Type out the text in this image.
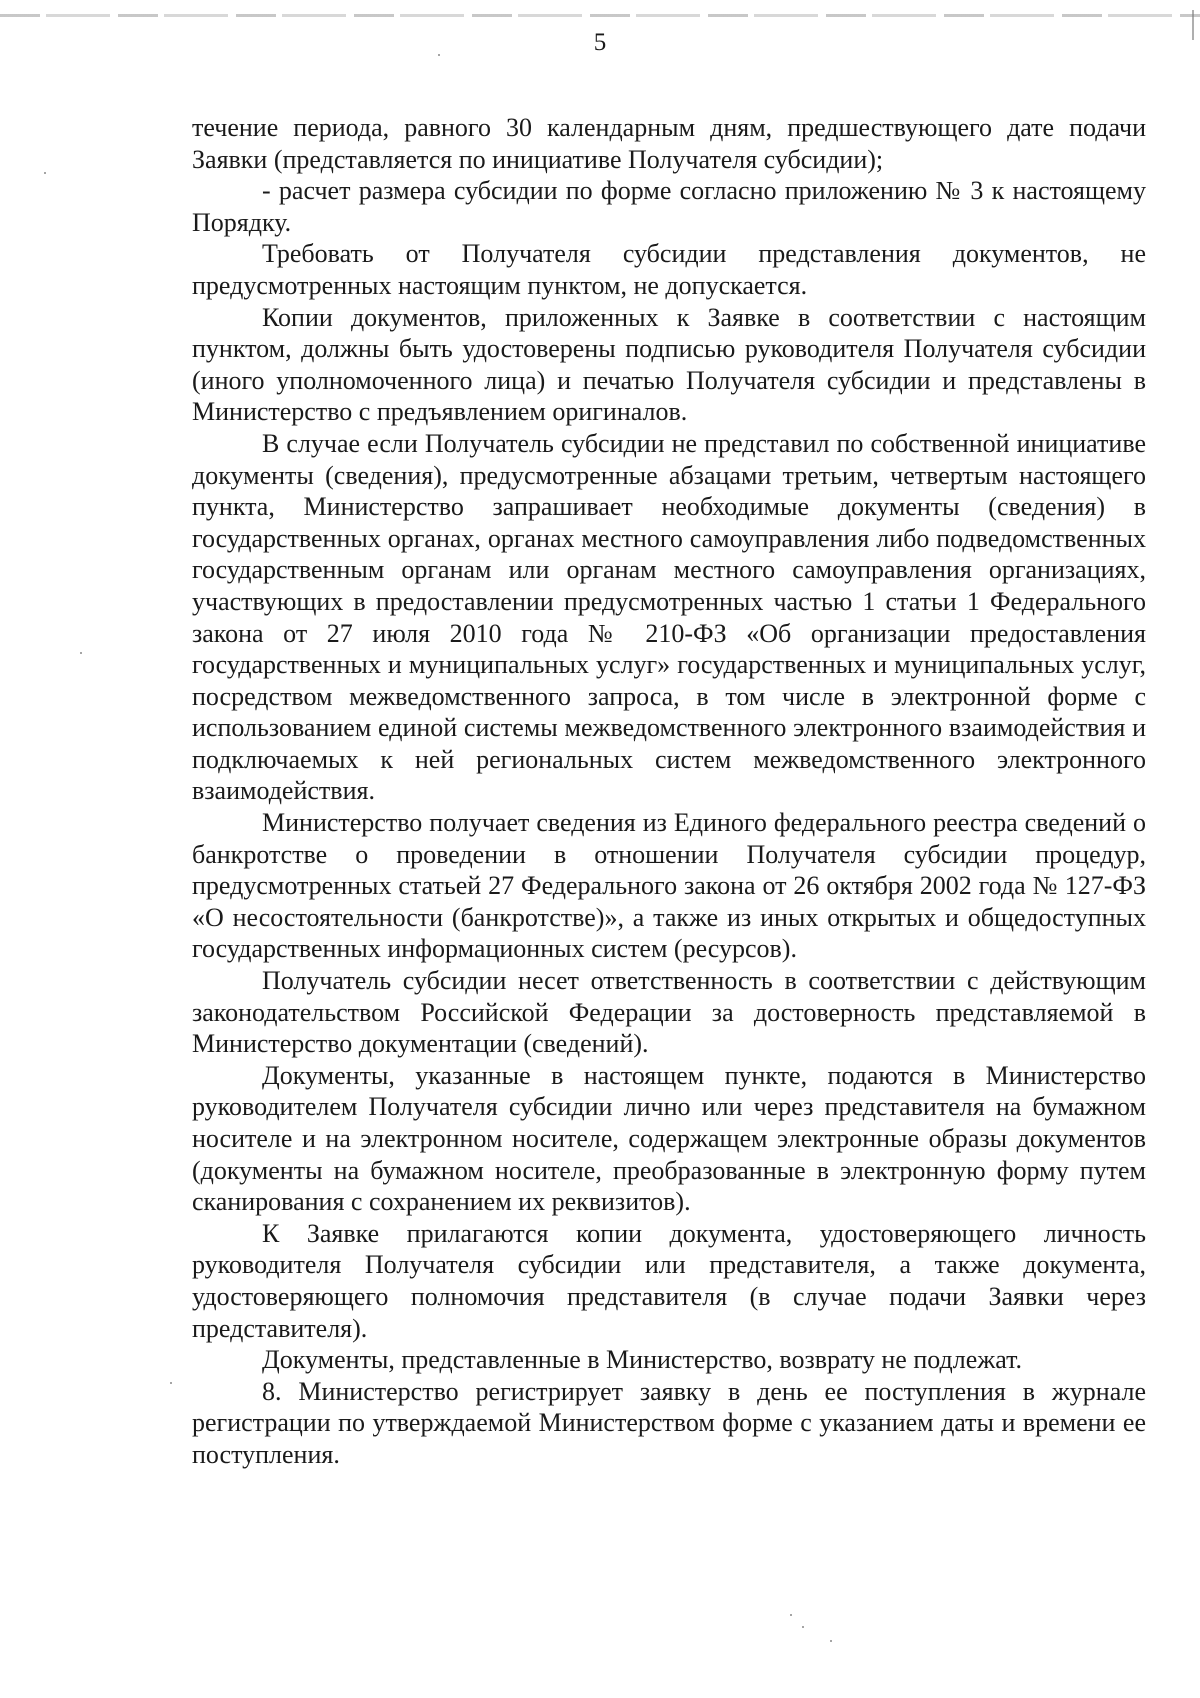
5

течение периода, равного 30 календарным дням, предшествующего дате подачи Заявки (представляется по инициативе Получателя субсидии);

- расчет размера субсидии по форме согласно приложению № 3 к настоящему Порядку.

Требовать от Получателя субсидии представления документов, не предусмотренных настоящим пунктом, не допускается.

Копии документов, приложенных к Заявке в соответствии с настоящим пунктом, должны быть удостоверены подписью руководителя Получателя субсидии (иного уполномоченного лица) и печатью Получателя субсидии и представлены в Министерство с предъявлением оригиналов.

В случае если Получатель субсидии не представил по собственной инициативе документы (сведения), предусмотренные абзацами третьим, четвертым настоящего пункта, Министерство запрашивает необходимые документы (сведения) в государственных органах, органах местного самоуправления либо подведомственных государственным органам или органам местного самоуправления организациях, участвующих в предоставлении предусмотренных частью 1 статьи 1 Федерального закона от 27 июля 2010 года № 210-ФЗ «Об организации предоставления государственных и муниципальных услуг» государственных и муниципальных услуг, посредством межведомственного запроса, в том числе в электронной форме с использованием единой системы межведомственного электронного взаимодействия и подключаемых к ней региональных систем межведомственного электронного взаимодействия.

Министерство получает сведения из Единого федерального реестра сведений о банкротстве о проведении в отношении Получателя субсидии процедур, предусмотренных статьей 27 Федерального закона от 26 октября 2002 года № 127-ФЗ «О несостоятельности (банкротстве)», а также из иных открытых и общедоступных государственных информационных систем (ресурсов).

Получатель субсидии несет ответственность в соответствии с действующим законодательством Российской Федерации за достоверность представляемой в Министерство документации (сведений).

Документы, указанные в настоящем пункте, подаются в Министерство руководителем Получателя субсидии лично или через представителя на бумажном носителе и на электронном носителе, содержащем электронные образы документов (документы на бумажном носителе, преобразованные в электронную форму путем сканирования с сохранением их реквизитов).

К Заявке прилагаются копии документа, удостоверяющего личность руководителя Получателя субсидии или представителя, а также документа, удостоверяющего полномочия представителя (в случае подачи Заявки через представителя).

Документы, представленные в Министерство, возврату не подлежат.

8. Министерство регистрирует заявку в день ее поступления в журнале регистрации по утверждаемой Министерством форме с указанием даты и времени ее поступления.
